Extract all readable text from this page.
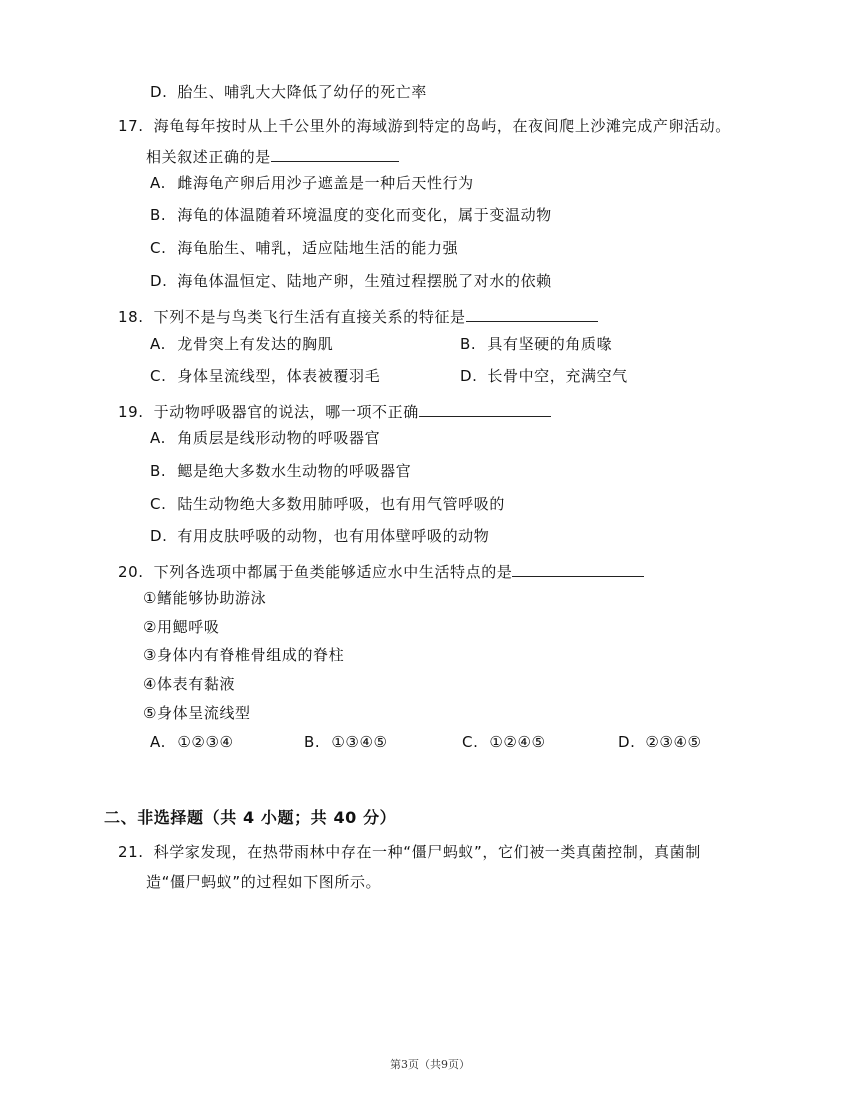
D. 胎生、哺乳大大降低了幼仔的死亡率
17. 海龟每年按时从上千公里外的海域游到特定的岛屿，在夜间爬上沙滩完成产卵活动。
相关叙述正确的是
A. 雌海龟产卵后用沙子遮盖是一种后天性行为
B. 海龟的体温随着环境温度的变化而变化，属于变温动物
C. 海龟胎生、哺乳，适应陆地生活的能力强
D. 海龟体温恒定、陆地产卵，生殖过程摆脱了对水的依赖
18. 下列不是与鸟类飞行生活有直接关系的特征是
A. 龙骨突上有发达的胸肌	B. 具有坚硬的角质喙
C. 身体呈流线型，体表被覆羽毛	D. 长骨中空，充满空气
19. 于动物呼吸器官的说法，哪一项不正确
A. 角质层是线形动物的呼吸器官
B. 鳃是绝大多数水生动物的呼吸器官
C. 陆生动物绝大多数用肺呼吸，也有用气管呼吸的
D. 有用皮肤呼吸的动物，也有用体壁呼吸的动物
20. 下列各选项中都属于鱼类能够适应水中生活特点的是
①鳍能够协助游泳
②用鳃呼吸
③身体内有脊椎骨组成的脊柱
④体表有黏液
⑤身体呈流线型
A. ①②③④	B. ①③④⑤	C. ①②④⑤	D. ②③④⑤
二、非选择题（共 4 小题；共 40 分）
21. 科学家发现，在热带雨林中存在一种“僵尸蚂蚁”，它们被一类真菌控制，真菌制
造“僵尸蚂蚁”的过程如下图所示。
第3页（共9页）
